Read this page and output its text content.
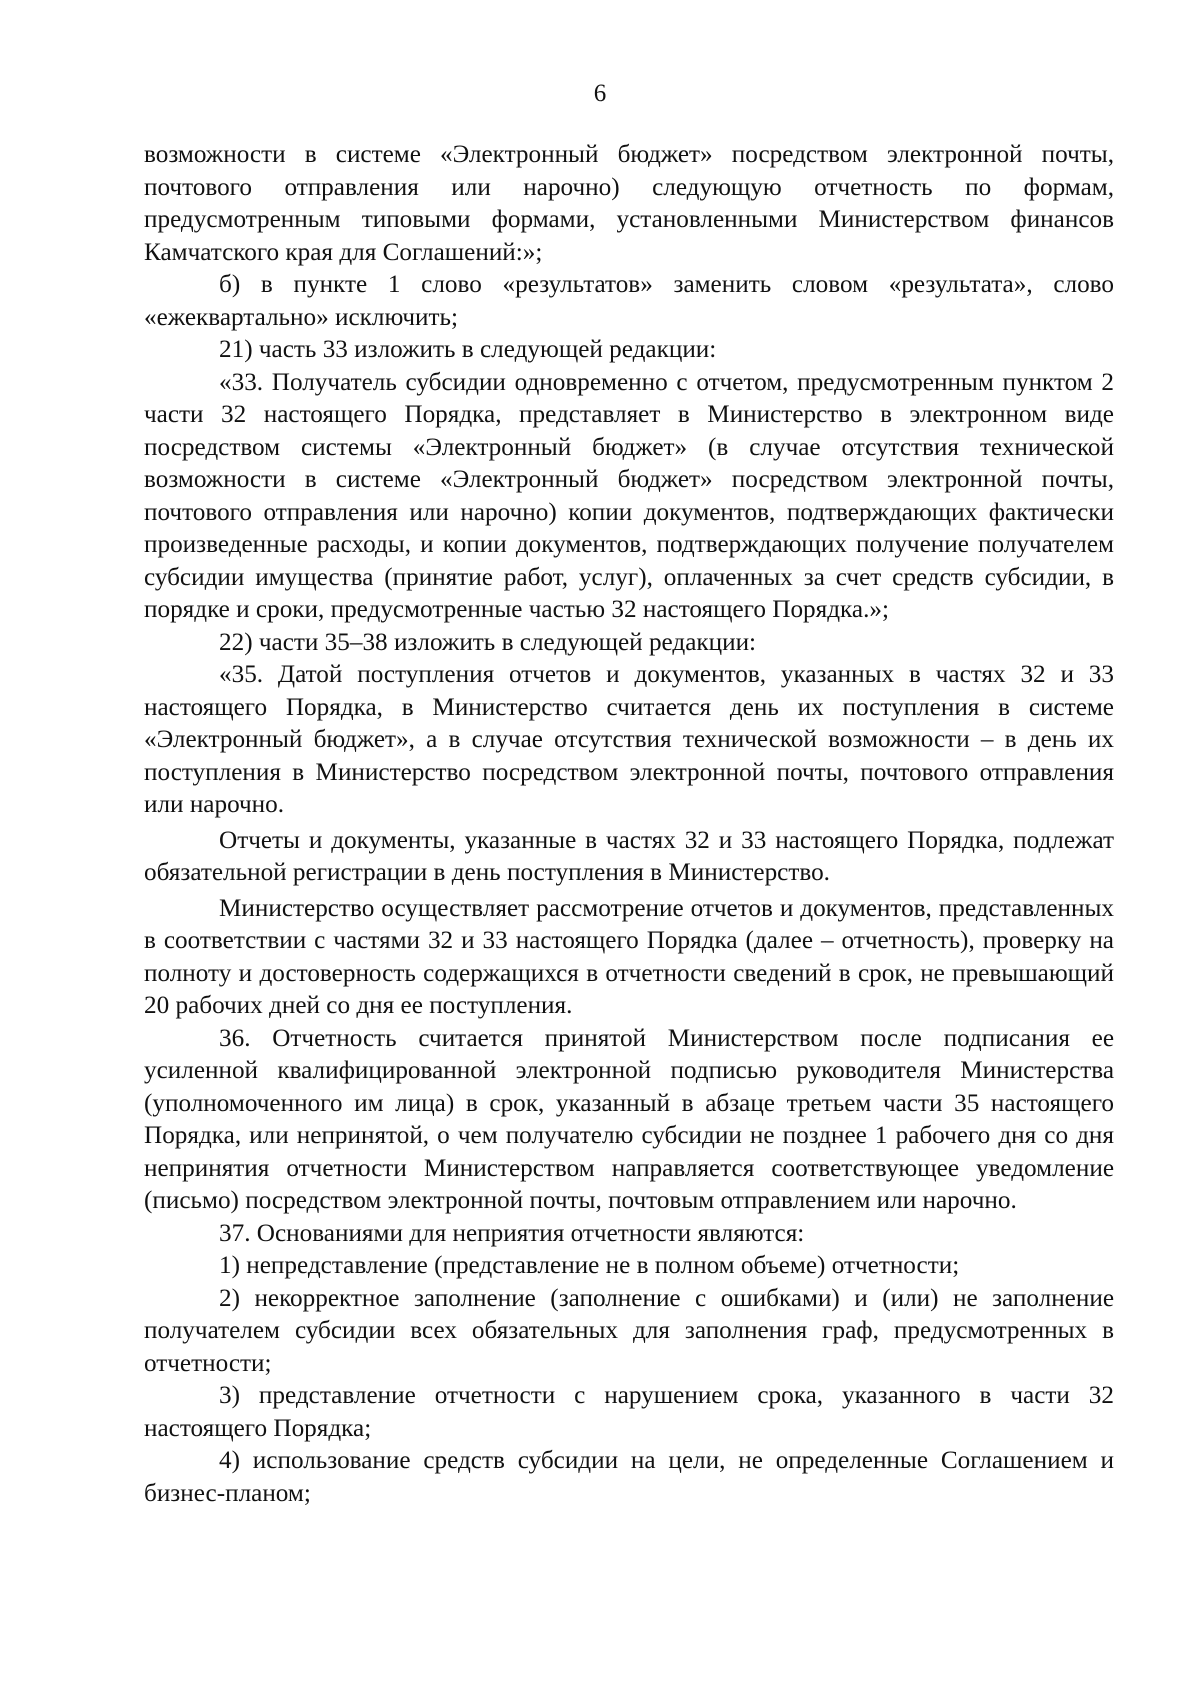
6

возможности в системе «Электронный бюджет» посредством электронной почты, почтового отправления или нарочно) следующую отчетность по формам, предусмотренным типовыми формами, установленными Министерством финансов Камчатского края для Соглашений:»;

б) в пункте 1 слово «результатов» заменить словом «результата», слово «ежеквартально» исключить;

21) часть 33 изложить в следующей редакции:

«33. Получатель субсидии одновременно с отчетом, предусмотренным пунктом 2 части 32 настоящего Порядка, представляет в Министерство в электронном виде посредством системы «Электронный бюджет» (в случае отсутствия технической возможности в системе «Электронный бюджет» посредством электронной почты, почтового отправления или нарочно) копии документов, подтверждающих фактически произведенные расходы, и копии документов, подтверждающих получение получателем субсидии имущества (принятие работ, услуг), оплаченных за счет средств субсидии, в порядке и сроки, предусмотренные частью 32 настоящего Порядка.»;

22) части 35–38 изложить в следующей редакции:

«35. Датой поступления отчетов и документов, указанных в частях 32 и 33 настоящего Порядка, в Министерство считается день их поступления в системе «Электронный бюджет», а в случае отсутствия технической возможности – в день их поступления в Министерство посредством электронной почты, почтового отправления или нарочно.

Отчеты и документы, указанные в частях 32 и 33 настоящего Порядка, подлежат обязательной регистрации в день поступления в Министерство.

Министерство осуществляет рассмотрение отчетов и документов, представленных в соответствии с частями 32 и 33 настоящего Порядка (далее – отчетность), проверку на полноту и достоверность содержащихся в отчетности сведений в срок, не превышающий 20 рабочих дней со дня ее поступления.

36. Отчетность считается принятой Министерством после подписания ее усиленной квалифицированной электронной подписью руководителя Министерства (уполномоченного им лица) в срок, указанный в абзаце третьем части 35 настоящего Порядка, или непринятой, о чем получателю субсидии не позднее 1 рабочего дня со дня непринятия отчетности Министерством направляется соответствующее уведомление (письмо) посредством электронной почты, почтовым отправлением или нарочно.

37. Основаниями для неприятия отчетности являются:

1) непредставление (представление не в полном объеме) отчетности;

2) некорректное заполнение (заполнение с ошибками) и (или) не заполнение получателем субсидии всех обязательных для заполнения граф, предусмотренных в отчетности;

3) представление отчетности с нарушением срока, указанного в части 32 настоящего Порядка;

4) использование средств субсидии на цели, не определенные Соглашением и бизнес-планом;
